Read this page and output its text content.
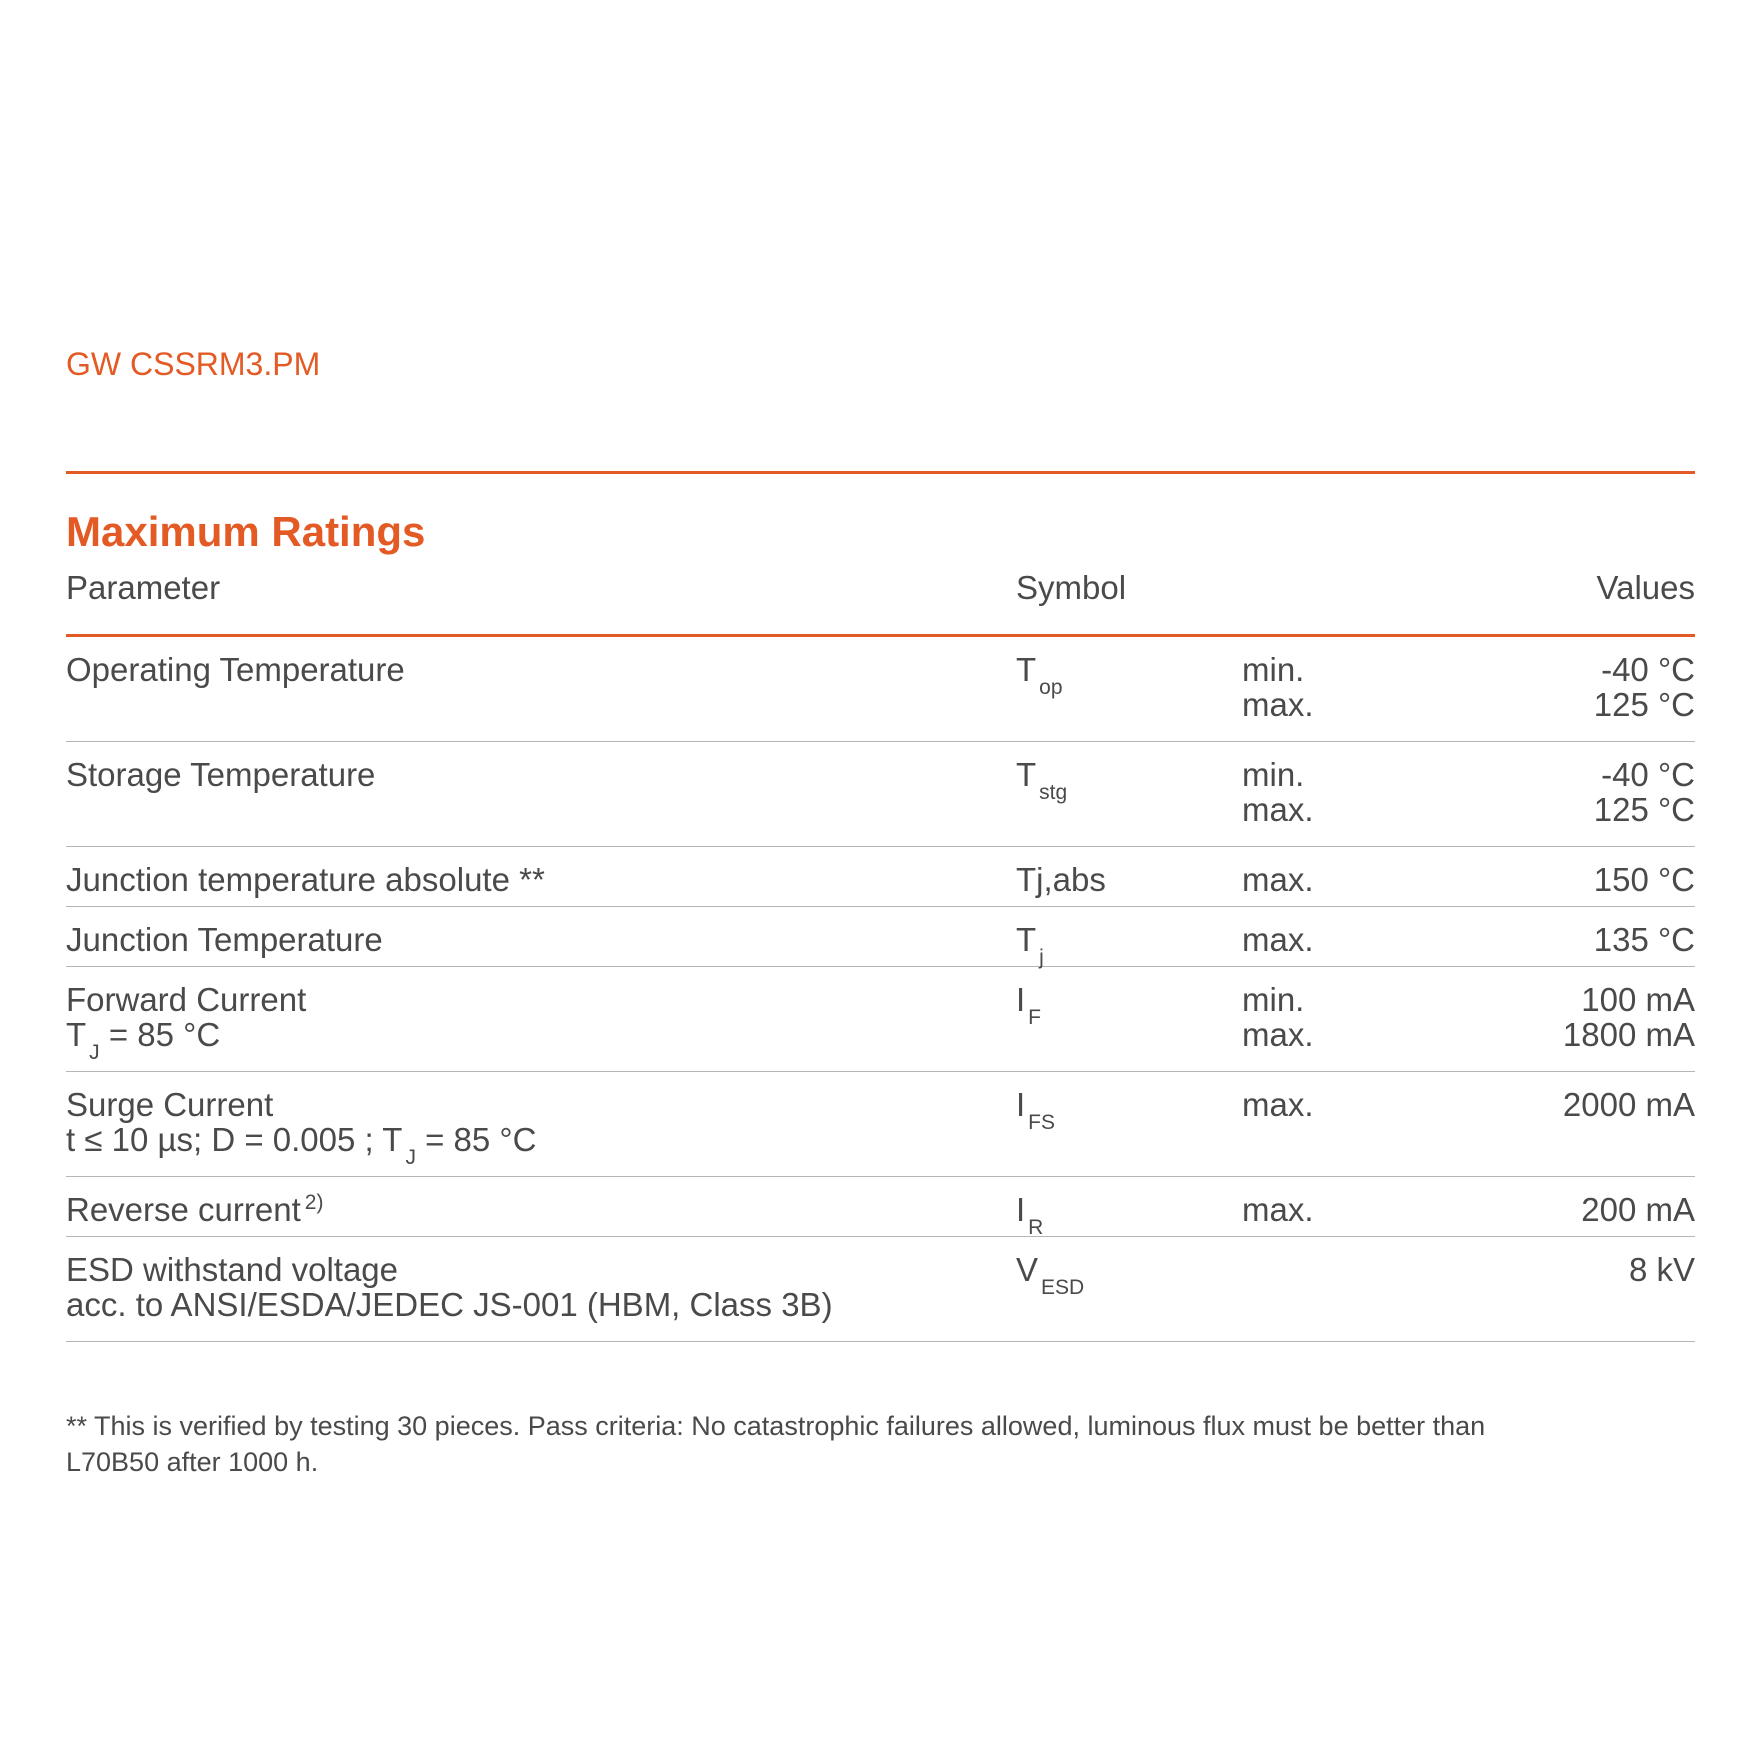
GW CSSRM3.PM
Maximum Ratings
Parameter	Symbol	Values
Operating Temperature	T $_{op}$	min.	-40 °C
max.	125 °C
Storage Temperature	T $_{stg}$	min.	-40 °C
max.	125 °C
Junction temperature absolute **	Tj,abs	max.	150 °C
Junction Temperature	T $_j$	max.	135 °C
Forward Current	I $_F$	min.	100 mA
T $_J$ = 85 °C	max.	1800 mA
Surge Current	I $_{FS}$	max.	2000 mA
t ≤ 10 µs; D = 0.005 ; T $_J$ = 85 °C
Reverse current $^{2)}$	I $_R$	max.	200 mA
ESD withstand voltage	V $_{ESD}$	8 kV
acc. to ANSI/ESDA/JEDEC JS-001 (HBM, Class 3B)
** This is verified by testing 30 pieces. Pass criteria: No catastrophic failures allowed, luminous flux must be better than
L70B50 after 1000 h.
